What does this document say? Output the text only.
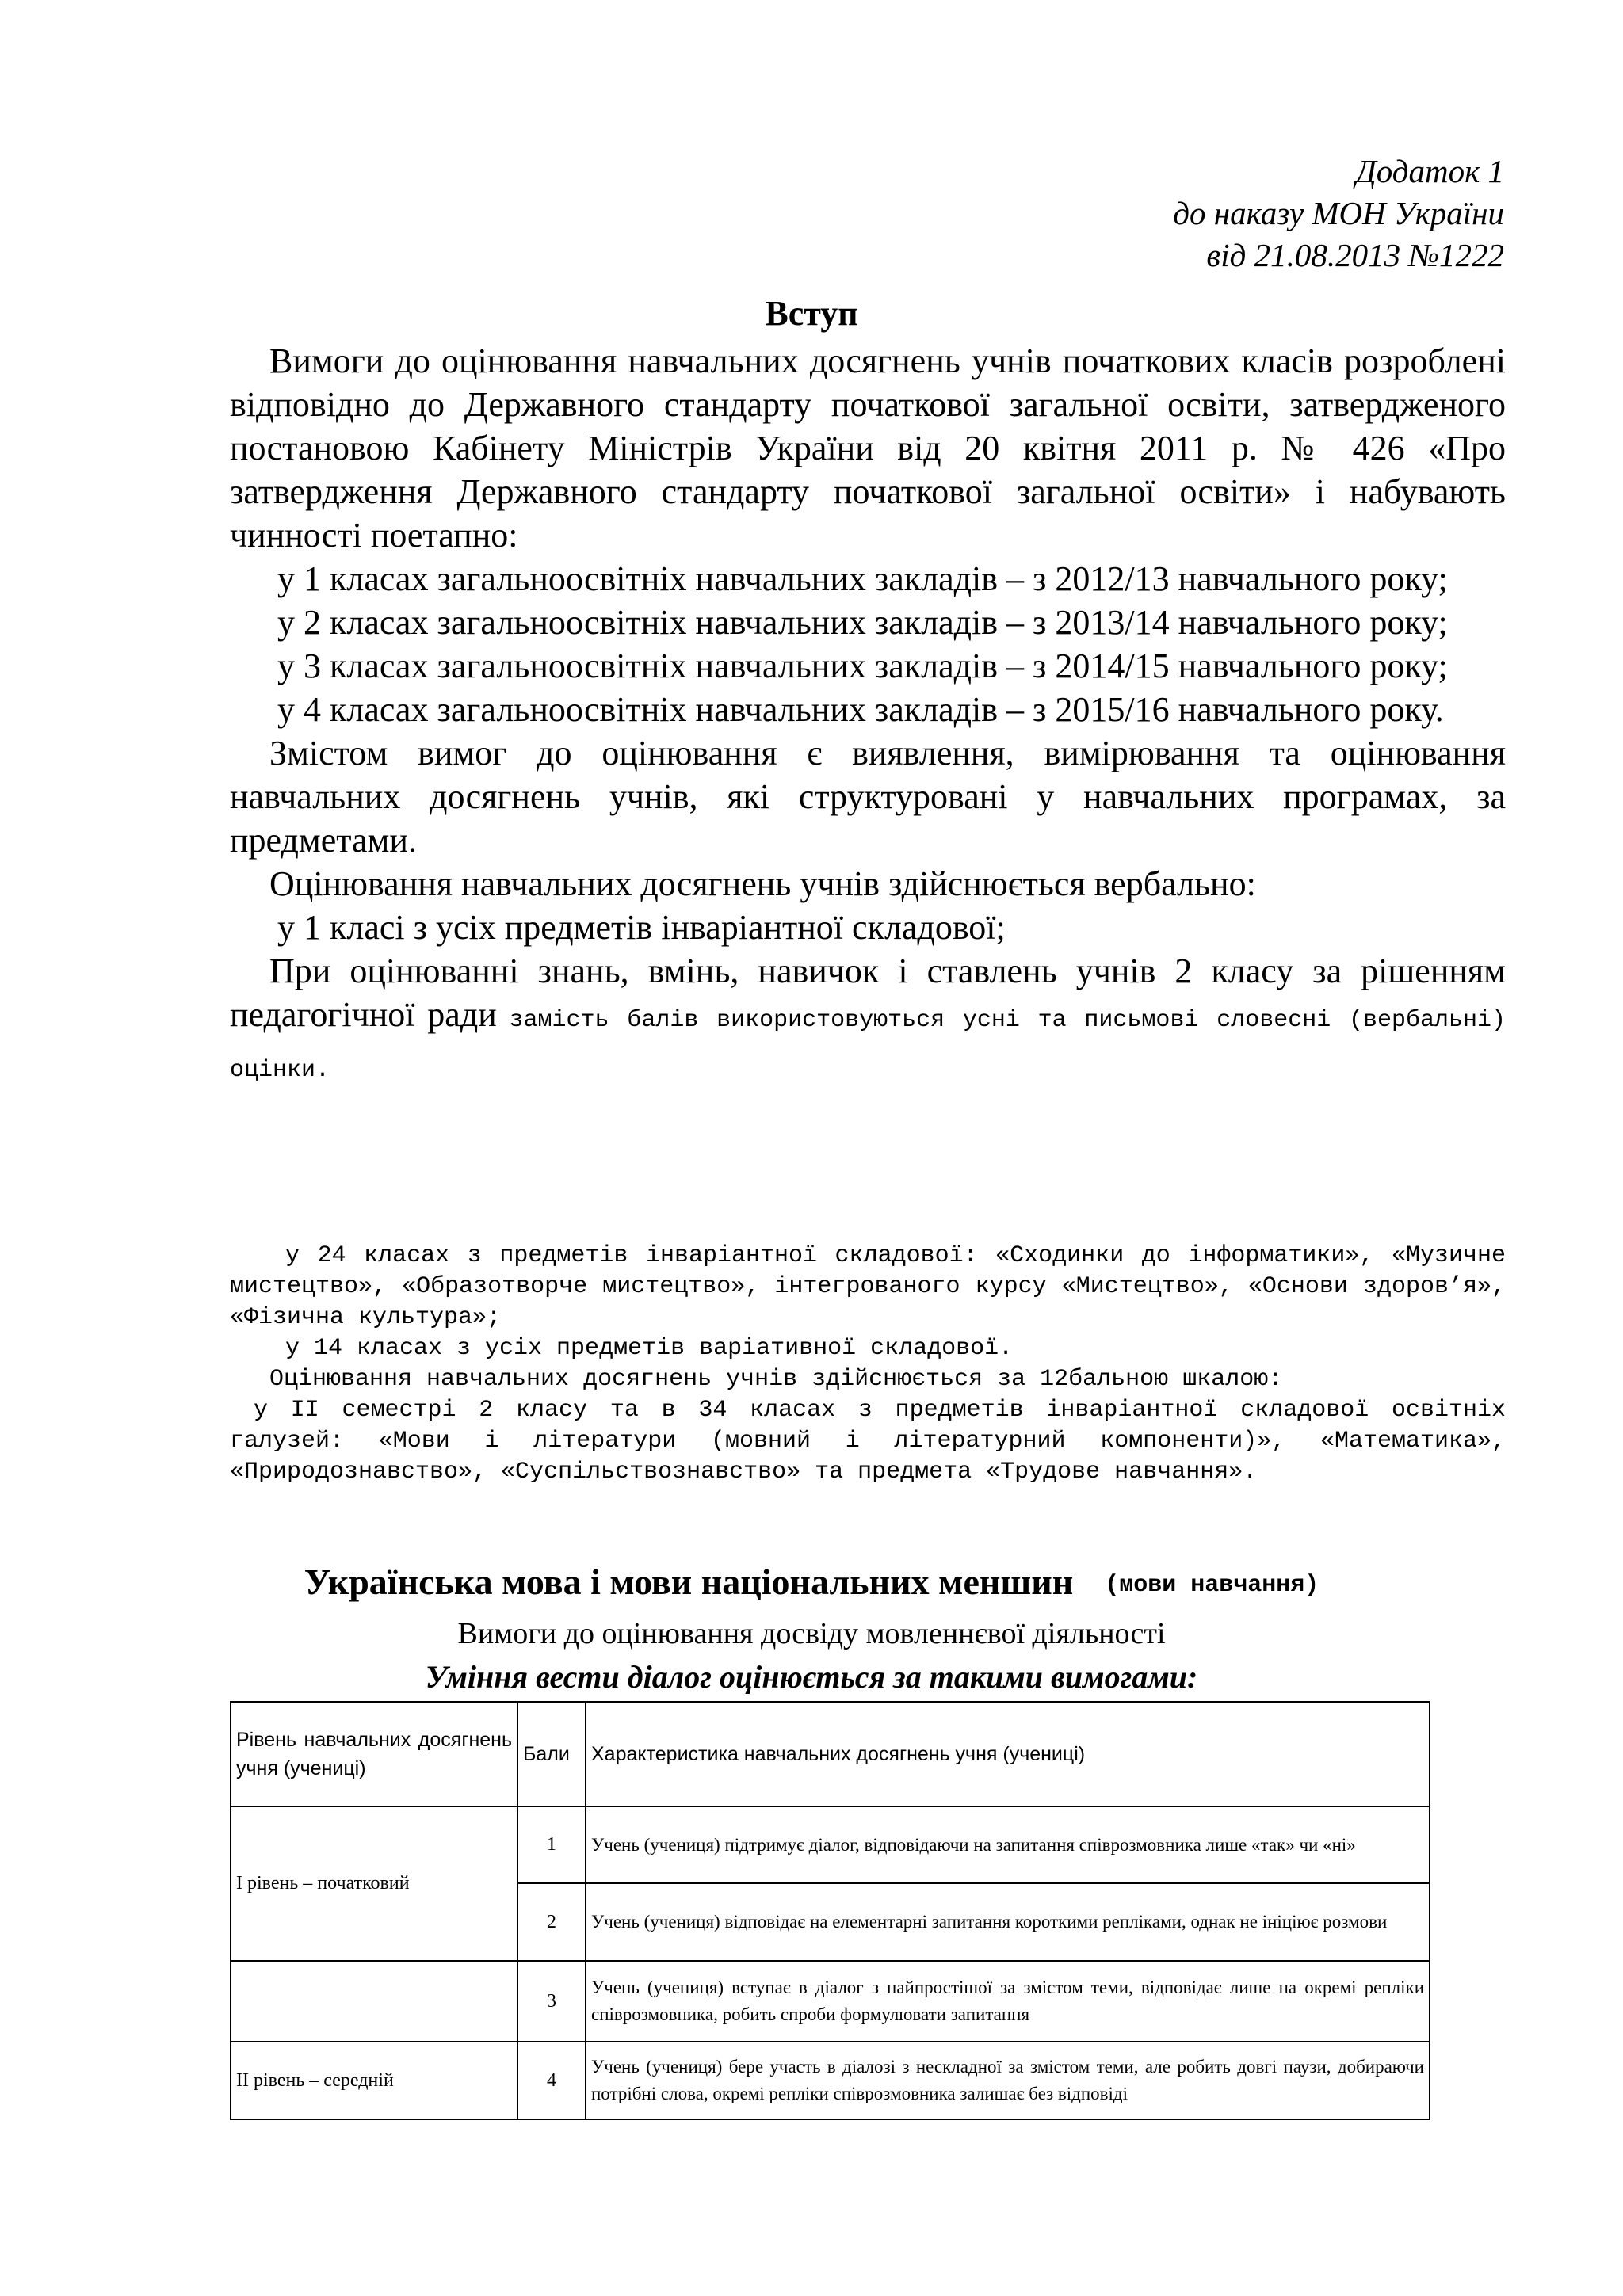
Додаток 1
до наказу МОН України
від 21.08.2013 №1222
Вступ

Вимоги до оцінювання навчальних досягнень учнів початкових класів розроблені відповідно до Державного стандарту початкової загальної освіти, затвердженого постановою Кабінету Міністрів України від 20 квітня 2011 р. № 426 «Про затвердження Державного стандарту початкової загальної освіти» і набувають чинності поетапно:

у 1 класах загальноосвітніх навчальних закладів – з 2012/13 навчального року;

у 2 класах загальноосвітніх навчальних закладів – з 2013/14 навчального року;

у 3 класах загальноосвітніх навчальних закладів – з 2014/15 навчального року;

у 4 класах загальноосвітніх навчальних закладів – з 2015/16 навчального року.

Змістом вимог до оцінювання є виявлення, вимірювання та оцінювання навчальних досягнень учнів, які структуровані у навчальних програмах, за предметами.

Оцінювання навчальних досягнень учнів здійснюється вербально:

у 1 класі з усіх предметів інваріантної складової;

При оцінюванні знань, вмінь, навичок і ставлень учнів 2 класу за рішенням педагогічної ради замість балів використовуються усні та письмові словесні (вербальні) оцінки.

у 24 класах з предметів інваріантної складової: «Сходинки до інформатики», «Музичне мистецтво», «Образотворче мистецтво», інтегрованого курсу «Мистецтво», «Основи здоров’я», «Фізична культура»;

у 14 класах з усіх предметів варіативної складової.

Оцінювання навчальних досягнень учнів здійснюється за 12бальною шкалою:

у ІІ семестрі 2 класу та в 34 класах з предметів інваріантної складової освітніх галузей: «Мови і літератури (мовний і літературний компоненти)», «Математика», «Природознавство», «Суспільствознавство» та предмета «Трудове навчання».

Українська мова і мови національних меншин (мови навчання)
Вимоги до оцінювання досвіду мовленнєвої діяльності
Уміння вести діалог оцінюється за такими вимогами:
Рівень навчальних досягнень учня (учениці)	Бали	Характеристика навчальних досягнень учня (учениці)
І рівень – початковий	1	Учень (учениця) підтримує діалог, відповідаючи на запитання співрозмовника лише «так» чи «ні»
	2	Учень (учениця) відповідає на елементарні запитання короткими репліками, однак не ініціює розмови
	3	Учень (учениця) вступає в діалог з найпростішої за змістом теми, відповідає лише на окремі репліки співрозмовника, робить спроби формулювати запитання
ІІ рівень – середній	4	Учень (учениця) бере участь в діалозі з нескладної за змістом теми, але робить довгі паузи, добираючи потрібні слова, окремі репліки співрозмовника залишає без відповіді
